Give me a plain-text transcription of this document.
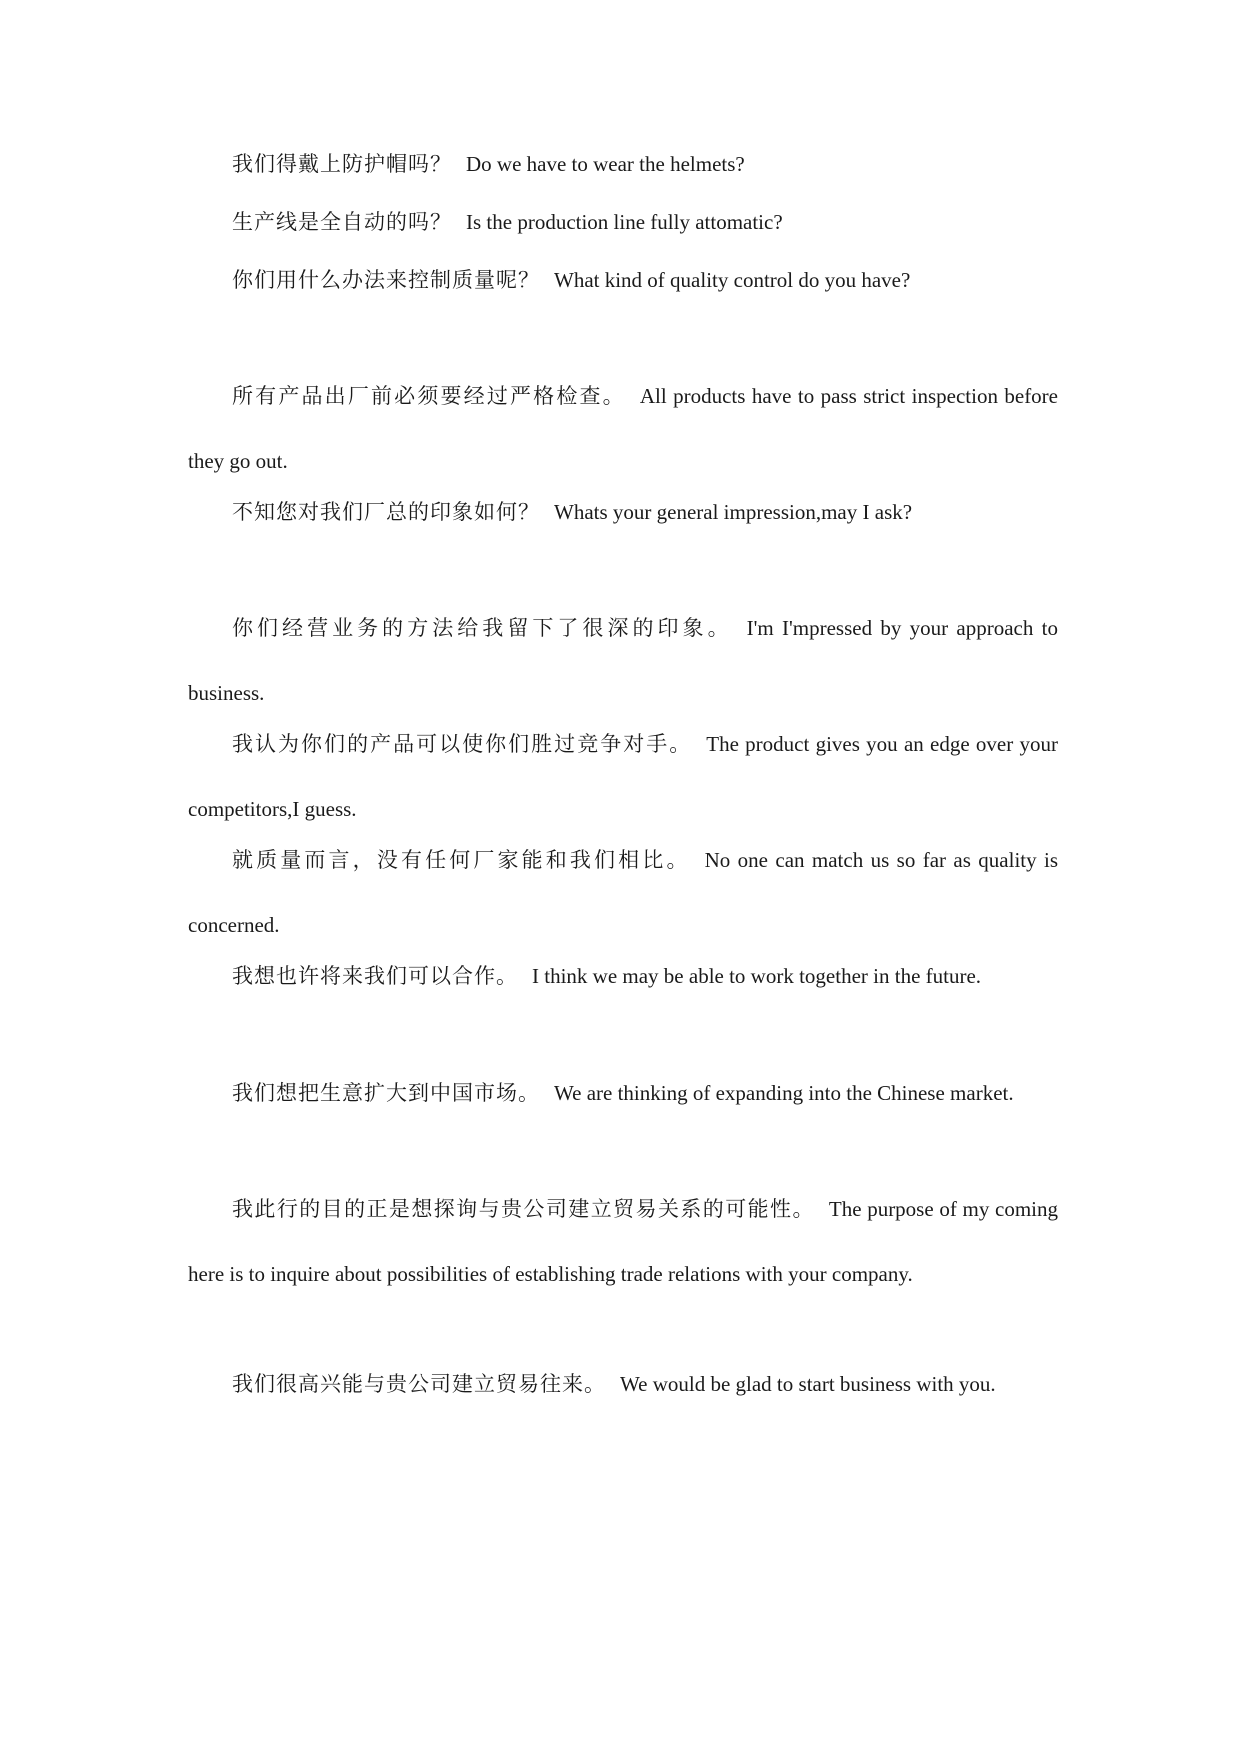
我们得戴上防护帽吗？ Do we have to wear the helmets?

生产线是全自动的吗？ Is the production line fully attomatic?

你们用什么办法来控制质量呢？ What kind of quality control do you have?

所有产品出厂前必须要经过严格检查。 All products have to pass strict inspection before they go out.

不知您对我们厂总的印象如何？ Whats your general impression,may I ask?

你们经营业务的方法给我留下了很深的印象。 I'm I'mpressed by your approach to business.

我认为你们的产品可以使你们胜过竞争对手。 The product gives you an edge over your competitors,I guess.

就质量而言，没有任何厂家能和我们相比。 No one can match us so far as quality is concerned.

我想也许将来我们可以合作。 I think we may be able to work together in the future.

我们想把生意扩大到中国市场。 We are thinking of expanding into the Chinese market.

我此行的目的正是想探询与贵公司建立贸易关系的可能性。 The purpose of my coming here is to inquire about possibilities of establishing trade relations with your company.

我们很高兴能与贵公司建立贸易往来。 We would be glad to start business with you.
